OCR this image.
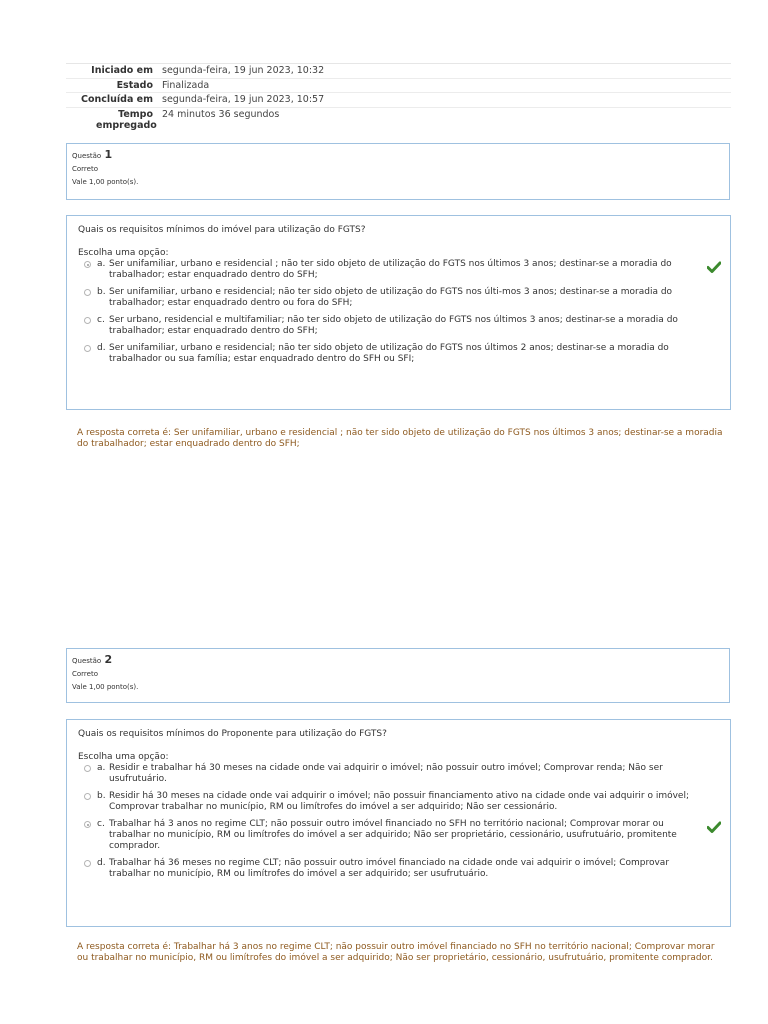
Iniciado em segunda-feira, 19 jun 2023, 10:32
Estado Finalizada
Concluída em segunda-feira, 19 jun 2023, 10:57
Tempo empregado
24 minutos 36 segundos
Questão 1
Correto
Vale 1,00 ponto(s).
Quais os requisitos mínimos do imóvel para utilização do FGTS?
Escolha uma opção:
a. Ser unifamiliar, urbano e residencial ; não ter sido objeto de utilização do FGTS nos últimos 3 anos; destinar-se a moradia do trabalhador; estar enquadrado dentro do SFH;
b. Ser unifamiliar, urbano e residencial; não ter sido objeto de utilização do FGTS nos últi-mos 3 anos; destinar-se a moradia do trabalhador; estar enquadrado dentro ou fora do SFH;
c. Ser urbano, residencial e multifamiliar; não ter sido objeto de utilização do FGTS nos últimos 3 anos; destinar-se a moradia do trabalhador; estar enquadrado dentro do SFH;
d. Ser unifamiliar, urbano e residencial; não ter sido objeto de utilização do FGTS nos últimos 2 anos; destinar-se a moradia do trabalhador ou sua família; estar enquadrado dentro do SFH ou SFI;
A resposta correta é: Ser unifamiliar, urbano e residencial ; não ter sido objeto de utilização do FGTS nos últimos 3 anos; destinar-se a moradia do trabalhador; estar enquadrado dentro do SFH;
Questão 2
Correto
Vale 1,00 ponto(s).
Quais os requisitos mínimos do Proponente para utilização do FGTS?
Escolha uma opção:
a. Residir e trabalhar há 30 meses na cidade onde vai adquirir o imóvel; não possuir outro imóvel; Comprovar renda; Não ser usufrutuário.
b. Residir há 30 meses na cidade onde vai adquirir o imóvel; não possuir financiamento ativo na cidade onde vai adquirir o imóvel; Comprovar trabalhar no município, RM ou limítrofes do imóvel a ser adquirido; Não ser cessionário.
c. Trabalhar há 3 anos no regime CLT; não possuir outro imóvel financiado no SFH no território nacional; Comprovar morar ou trabalhar no município, RM ou limítrofes do imóvel a ser adquirido; Não ser proprietário, cessionário, usufrutuário, promitente comprador.
d. Trabalhar há 36 meses no regime CLT; não possuir outro imóvel financiado na cidade onde vai adquirir o imóvel; Comprovar trabalhar no município, RM ou limítrofes do imóvel a ser adquirido; ser usufrutuário.
A resposta correta é: Trabalhar há 3 anos no regime CLT; não possuir outro imóvel financiado no SFH no território nacional; Comprovar morar ou trabalhar no município, RM ou limítrofes do imóvel a ser adquirido; Não ser proprietário, cessionário, usufrutuário, promitente comprador.
